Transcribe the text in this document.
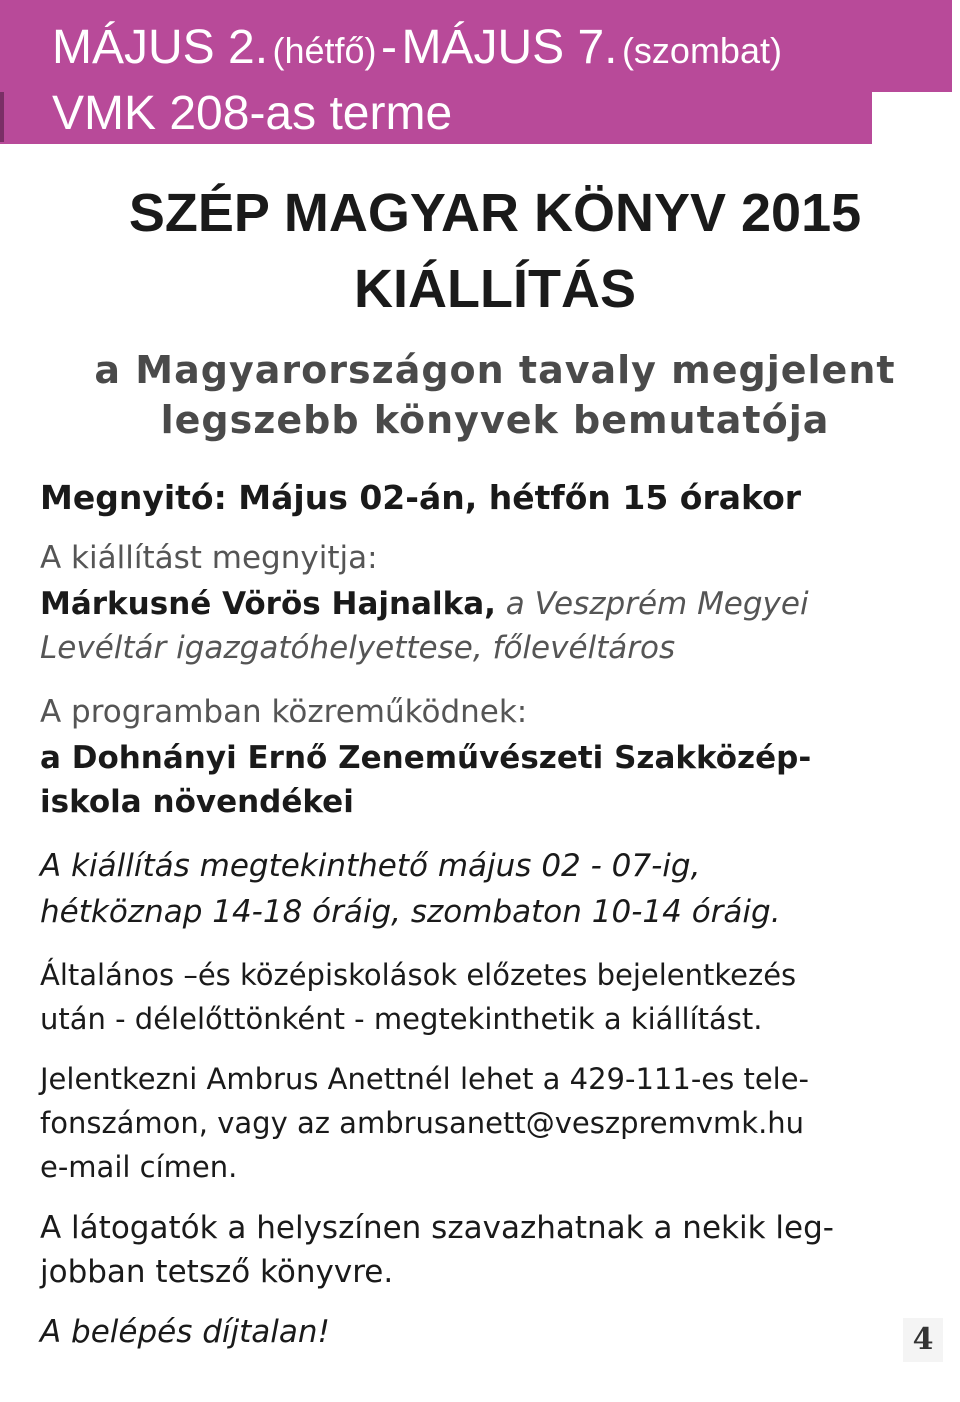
MÁJUS 2. (hétfő) - MÁJUS 7. (szombat)
VMK 208-as terme
SZÉP MAGYAR KÖNYV 2015
KIÁLLÍTÁS
a Magyarországon tavaly megjelent
legszebb könyvek bemutatója
Megnyitó: Május 02-án, hétfőn 15 órakor
A kiállítást megnyitja:
Márkusné Vörös Hajnalka, a Veszprém Megyei
Levéltár igazgatóhelyettese, főlevéltáros
A programban közreműködnek:
a Dohnányi Ernő Zeneművészeti Szakközép-
iskola növendékei
A kiállítás megtekinthető május 02 - 07-ig,
hétköznap 14-18 óráig, szombaton 10-14 óráig.
Általános –és középiskolások előzetes bejelentkezés
után - délelőttönként - megtekinthetik a kiállítást.
Jelentkezni Ambrus Anettnél lehet a 429-111-es tele-
fonszámon, vagy az ambrusanett@veszpremvmk.hu
e-mail címen.
A látogatók a helyszínen szavazhatnak a nekik leg-
jobban tetsző könyvre.
A belépés díjtalan!	4
